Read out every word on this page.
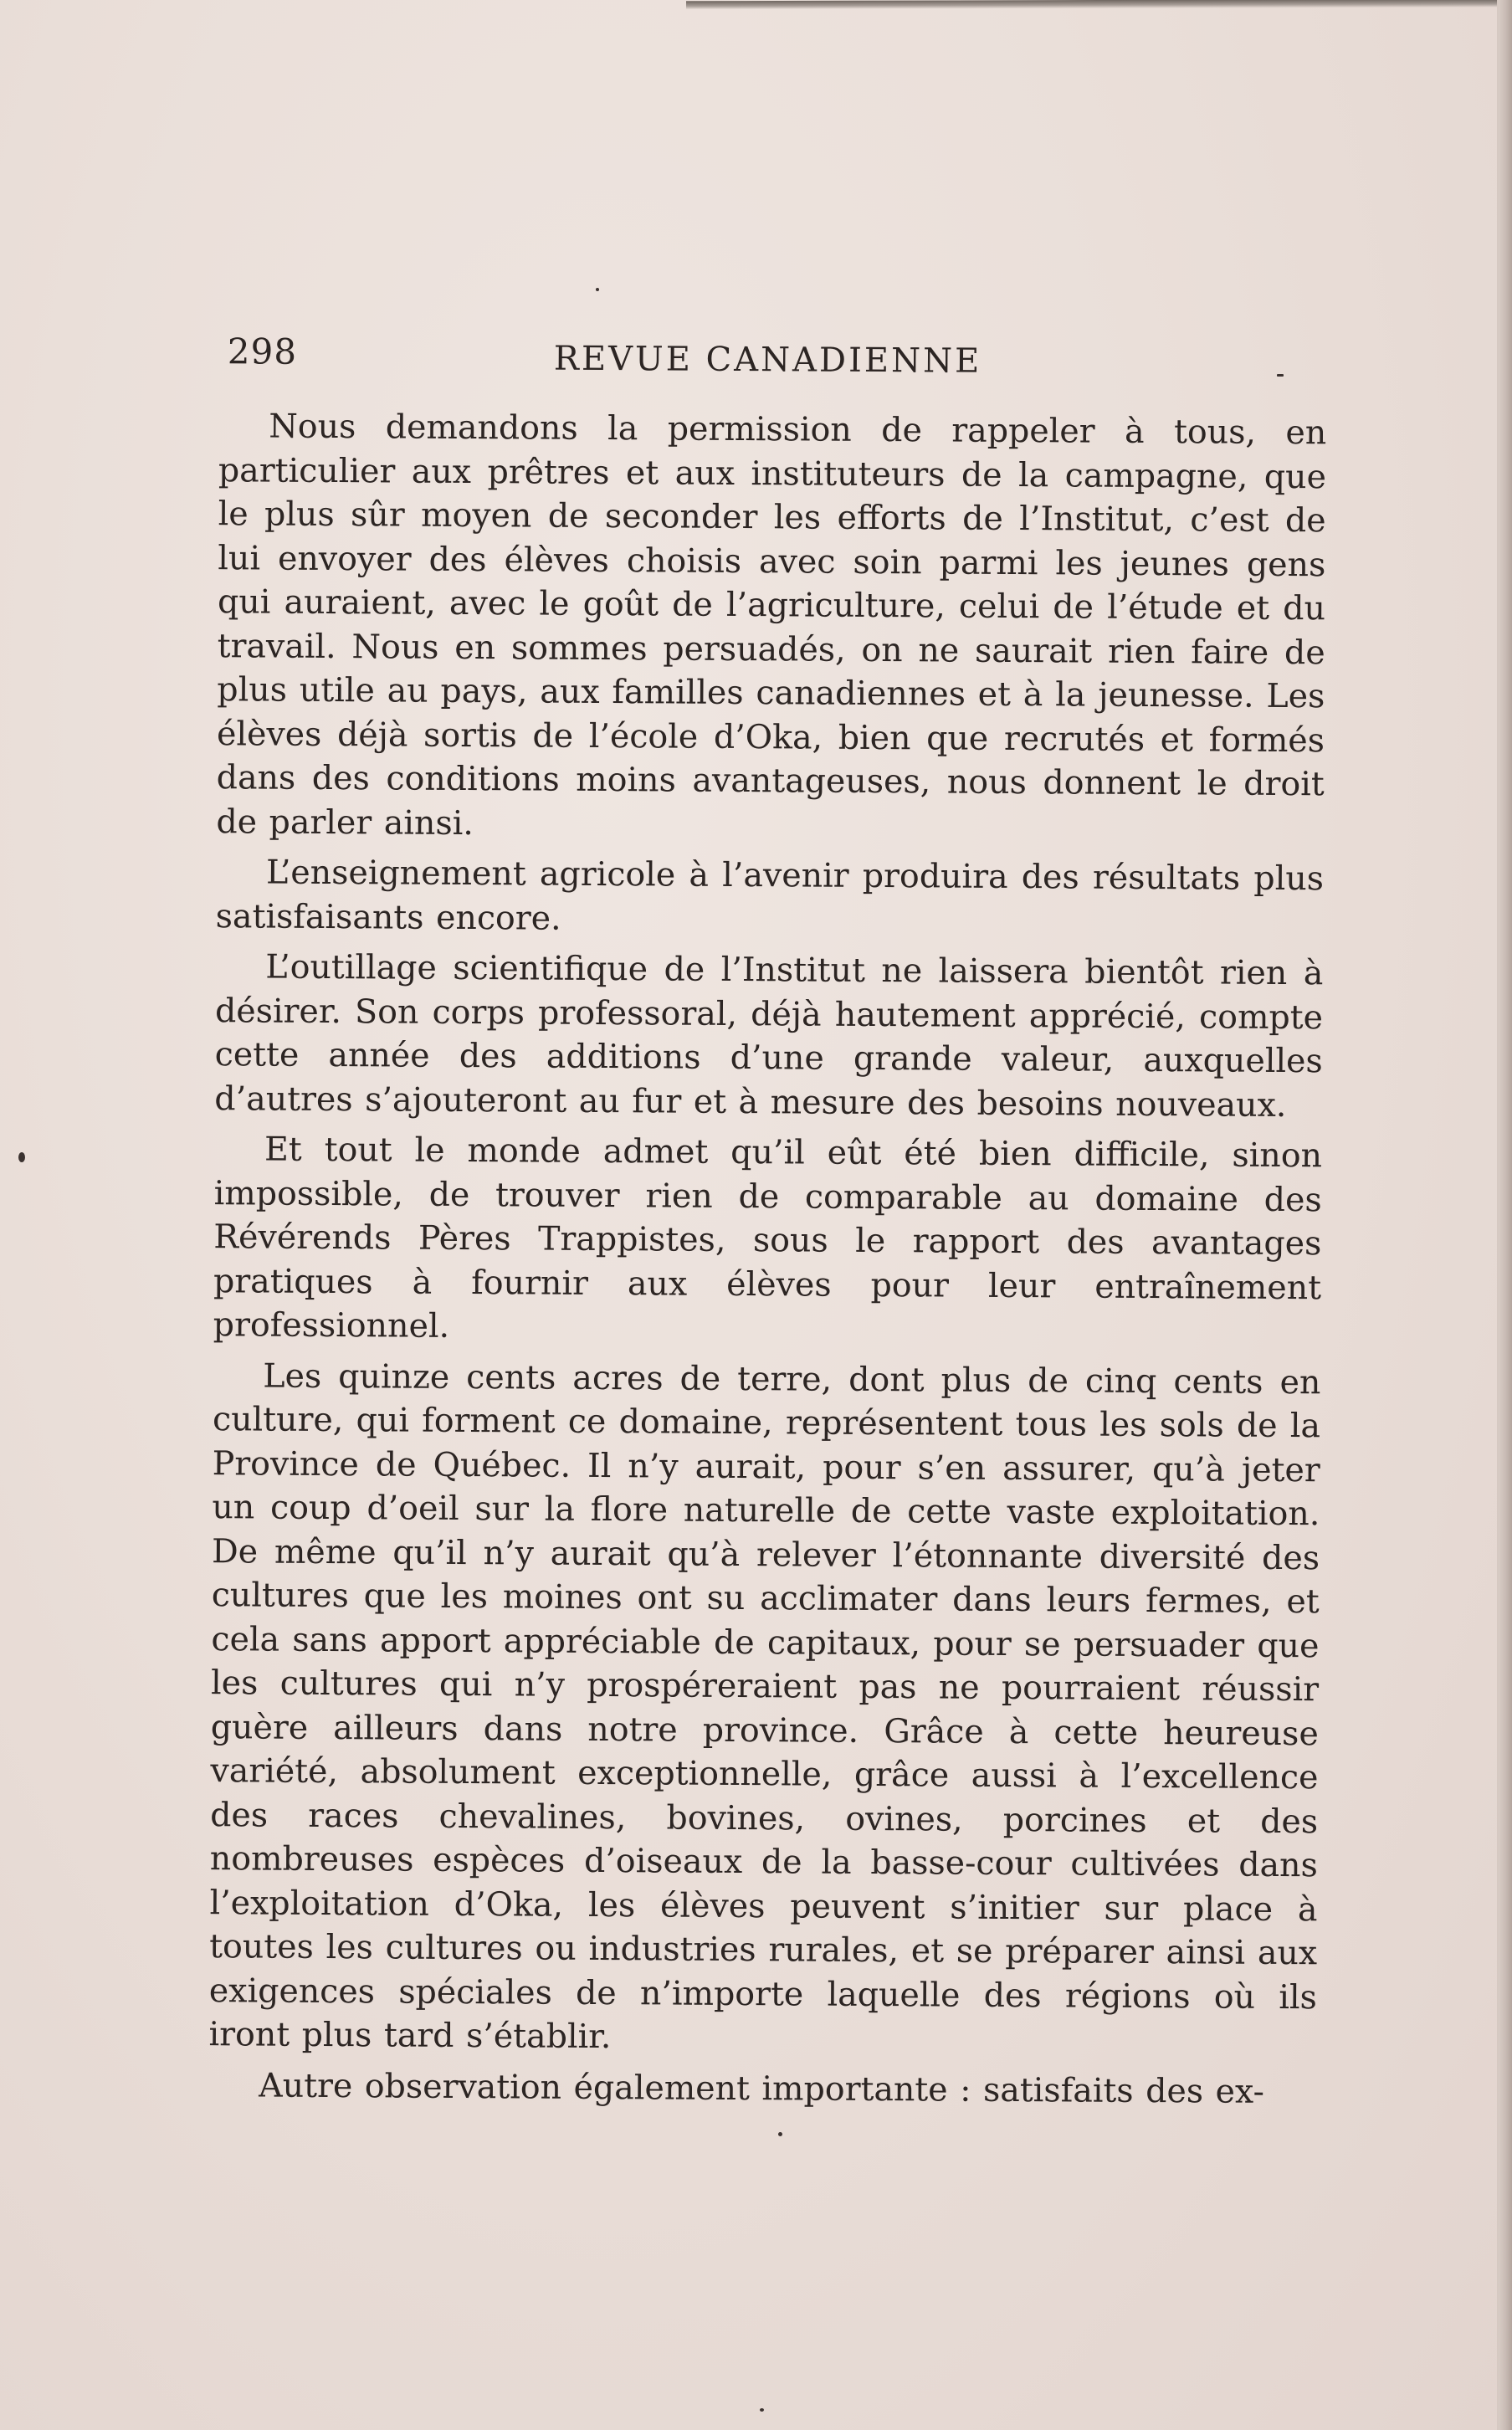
298	REVUE CANADIENNE

Nous demandons la permission de rappeler à tous, en particulier aux prêtres et aux instituteurs de la campagne, que le plus sûr moyen de seconder les efforts de l’Institut, c’est de lui envoyer des élèves choisis avec soin parmi les jeunes gens qui auraient, avec le goût de l’agriculture, celui de l’étude et du travail. Nous en sommes persuadés, on ne saurait rien faire de plus utile au pays, aux familles canadiennes et à la jeunesse. Les élèves déjà sortis de l’école d’Oka, bien que recrutés et formés dans des conditions moins avantageuses, nous donnent le droit de parler ainsi.

L’enseignement agricole à l’avenir produira des résultats plus satisfaisants encore.

L’outillage scientifique de l’Institut ne laissera bientôt rien à désirer. Son corps professoral, déjà hautement apprécié, compte cette année des additions d’une grande valeur, auxquelles d’autres s’ajouteront au fur et à mesure des besoins nouveaux.

Et tout le monde admet qu’il eût été bien difficile, sinon impossible, de trouver rien de comparable au domaine des Révérends Pères Trappistes, sous le rapport des avantages pratiques à fournir aux élèves pour leur entraînement professionnel.

Les quinze cents acres de terre, dont plus de cinq cents en culture, qui forment ce domaine, représentent tous les sols de la Province de Québec. Il n’y aurait, pour s’en assurer, qu’à jeter un coup d’oeil sur la flore naturelle de cette vaste exploitation. De même qu’il n’y aurait qu’à relever l’étonnante diversité des cultures que les moines ont su acclimater dans leurs fermes, et cela sans apport appréciable de capitaux, pour se persuader que les cultures qui n’y prospéreraient pas ne pourraient réussir guère ailleurs dans notre province. Grâce à cette heureuse variété, absolument exceptionnelle, grâce aussi à l’excellence des races chevalines, bovines, ovines, porcines et des nombreuses espèces d’oiseaux de la basse-cour cultivées dans l’exploitation d’Oka, les élèves peuvent s’initier sur place à toutes les cultures ou industries rurales, et se préparer ainsi aux exigences spéciales de n’importe laquelle des régions où ils iront plus tard s’établir.

Autre observation également importante : satisfaits des ex-
